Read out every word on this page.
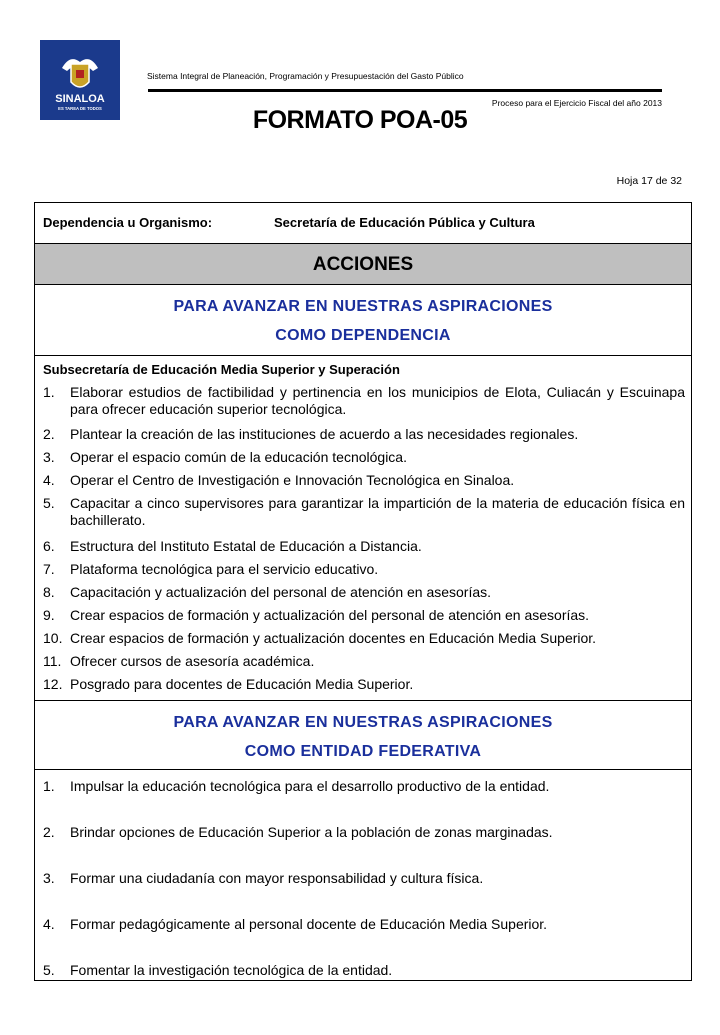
SINALOA
ES TAREA DE TODOS
Sistema Integral de Planeación, Programación y Presupuestación del Gasto Público
Proceso para el Ejercicio Fiscal del año 2013
FORMATO POA-05
Hoja 17 de 32
Dependencia u Organismo:	Secretaría de Educación Pública y Cultura
ACCIONES
PARA AVANZAR EN NUESTRAS ASPIRACIONES
COMO DEPENDENCIA
Subsecretaría de Educación Media Superior y Superación
1. Elaborar estudios de factibilidad y pertinencia en los municipios de Elota, Culiacán y Escuinapa para ofrecer educación superior tecnológica.
2. Plantear la creación de las instituciones de acuerdo a las necesidades regionales.
3. Operar el espacio común de la educación tecnológica.
4. Operar el Centro de Investigación e Innovación Tecnológica en Sinaloa.
5. Capacitar a cinco supervisores para garantizar la impartición de la materia de educación física en bachillerato.
6. Estructura del Instituto Estatal de Educación a Distancia.
7. Plataforma tecnológica para el servicio educativo.
8. Capacitación y actualización del personal de atención en asesorías.
9. Crear espacios de formación y actualización del personal de atención en asesorías.
10. Crear espacios de formación y actualización docentes en Educación Media Superior.
11. Ofrecer cursos de asesoría académica.
12. Posgrado para docentes de Educación Media Superior.
PARA AVANZAR EN NUESTRAS ASPIRACIONES
COMO ENTIDAD FEDERATIVA
1. Impulsar la educación tecnológica para el desarrollo productivo de la entidad.
2. Brindar opciones de Educación Superior a la población de zonas marginadas.
3. Formar una ciudadanía con mayor responsabilidad y cultura física.
4. Formar pedagógicamente al personal docente de Educación Media Superior.
5. Fomentar la investigación tecnológica de la entidad.
